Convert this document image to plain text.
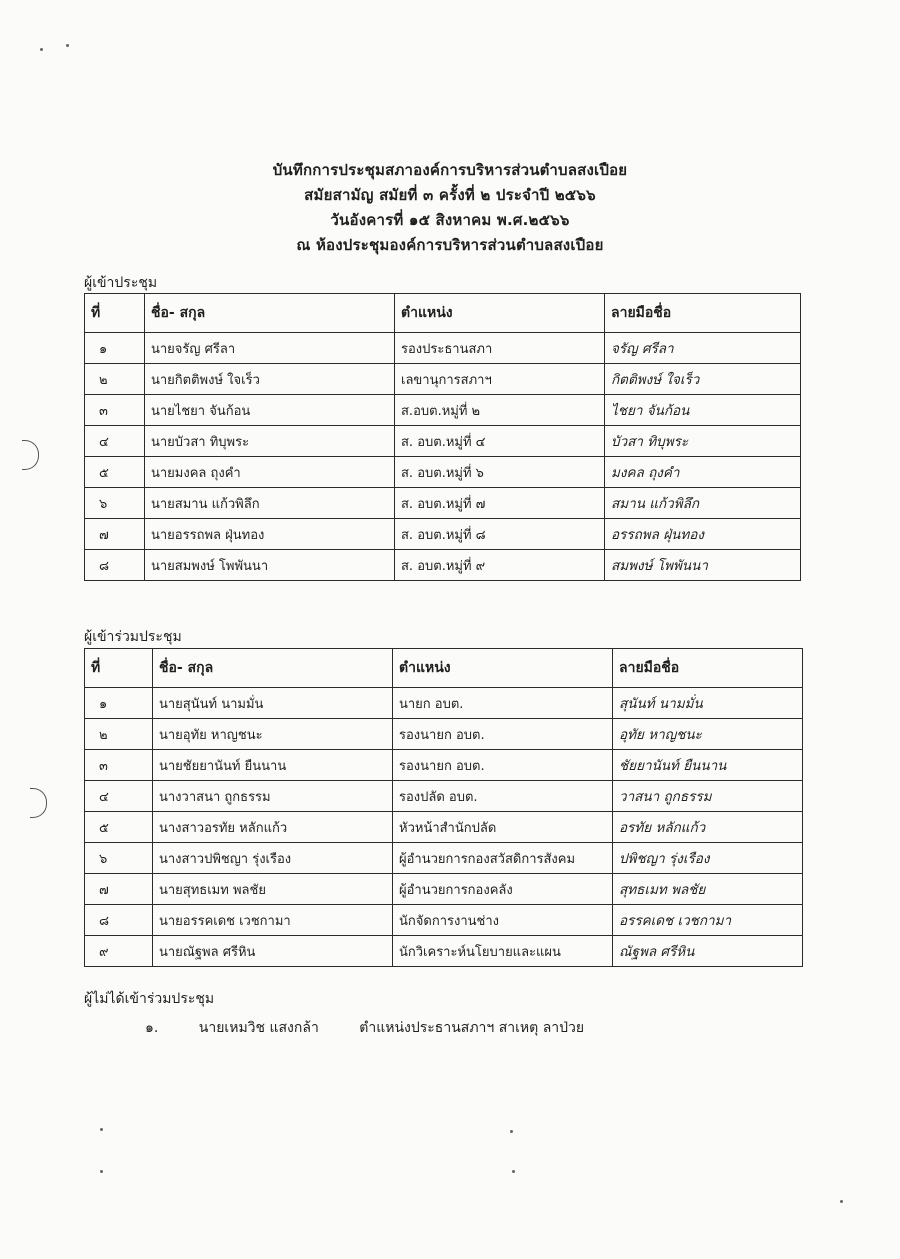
บันทึกการประชุมสภาองค์การบริหารส่วนตำบลสงเปือย
สมัยสามัญ สมัยที่ ๓ ครั้งที่ ๒ ประจำปี ๒๕๖๖
วันอังคารที่ ๑๕ สิงหาคม พ.ศ.๒๕๖๖
ณ ห้องประชุมองค์การบริหารส่วนตำบลสงเปือย
ผู้เข้าประชุม
ที่	ชื่อ- สกุล	ตำแหน่ง	ลายมือชื่อ
๑	นายจรัญ ศรีลา	รองประธานสภา	จรัญ ศรีลา
๒	นายกิตติพงษ์ ใจเร็ว	เลขานุการสภาฯ	กิตติพงษ์ ใจเร็ว
๓	นายไชยา จันก้อน	ส.อบต.หมู่ที่ ๒	ไชยา จันก้อน
๔	นายบัวสา ทิบุพระ	ส. อบต.หมู่ที่ ๔	บัวสา ทิบุพระ
๕	นายมงคล ถุงคำ	ส. อบต.หมู่ที่ ๖	มงคล ถุงคำ
๖	นายสมาน แก้วพิลึก	ส. อบต.หมู่ที่ ๗	สมาน แก้วพิลึก
๗	นายอรรถพล ฝุ่นทอง	ส. อบต.หมู่ที่ ๘	อรรถพล ฝุ่นทอง
๘	นายสมพงษ์ โพพันนา	ส. อบต.หมู่ที่ ๙	สมพงษ์ โพพันนา
ผู้เข้าร่วมประชุม
ที่	ชื่อ- สกุล	ตำแหน่ง	ลายมือชื่อ
๑	นายสุนันท์ นามมั่น	นายก อบต.	สุนันท์ นามมั่น
๒	นายอุทัย หาญชนะ	รองนายก อบต.	อุทัย หาญชนะ
๓	นายชัยยานันท์ ยืนนาน	รองนายก อบต.	ชัยยานันท์ ยืนนาน
๔	นางวาสนา ถูกธรรม	รองปลัด อบต.	วาสนา ถูกธรรม
๕	นางสาวอรทัย หลักแก้ว	หัวหน้าสำนักปลัด	อรทัย หลักแก้ว
๖	นางสาวปพิชญา รุ่งเรือง	ผู้อำนวยการกองสวัสดิการสังคม	ปพิชญา รุ่งเรือง
๗	นายสุทธเมท พลชัย	ผู้อำนวยการกองคลัง	สุทธเมท พลชัย
๘	นายอรรคเดช เวชกามา	นักจัดการงานช่าง	อรรคเดช เวชกามา
๙	นายณัฐพล ศรีหิน	นักวิเคราะห์นโยบายและแผน	ณัฐพล ศรีหิน
ผู้ไม่ได้เข้าร่วมประชุม
๑.	นายเหมวิช แสงกล้า	ตำแหน่งประธานสภาฯ สาเหตุ ลาป่วย
